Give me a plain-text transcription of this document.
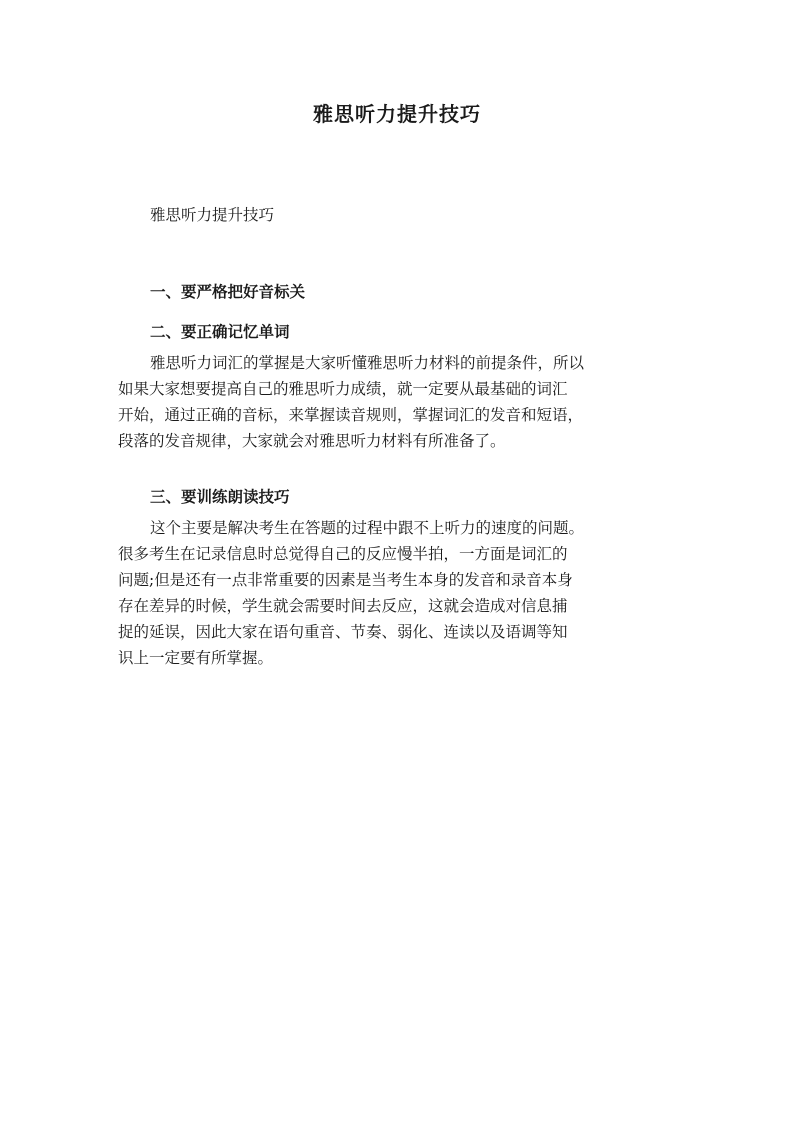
雅思听力提升技巧

雅思听力提升技巧

一、要严格把好音标关
二、要正确记忆单词
雅思听力词汇的掌握是大家听懂雅思听力材料的前提条件，所以
如果大家想要提高自己的雅思听力成绩，就一定要从最基础的词汇
开始，通过正确的音标，来掌握读音规则，掌握词汇的发音和短语，
段落的发音规律，大家就会对雅思听力材料有所准备了。
三、要训练朗读技巧
这个主要是解决考生在答题的过程中跟不上听力的速度的问题。
很多考生在记录信息时总觉得自己的反应慢半拍，一方面是词汇的
问题;但是还有一点非常重要的因素是当考生本身的发音和录音本身
存在差异的时候，学生就会需要时间去反应，这就会造成对信息捕
捉的延误，因此大家在语句重音、节奏、弱化、连读以及语调等知
识上一定要有所掌握。
